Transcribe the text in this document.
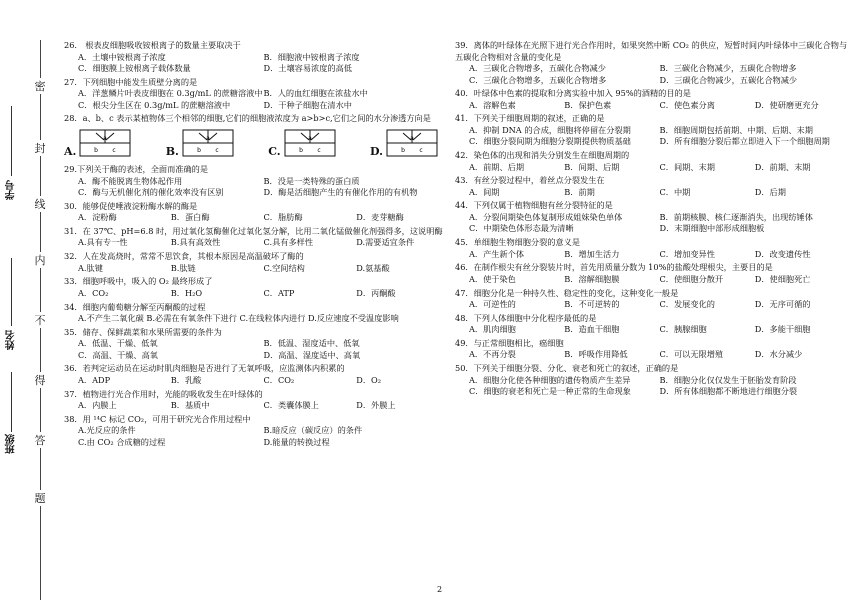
密
封
线
内
不
得
答
题
班级
姓名
学号
26． 根表皮细胞吸收铵根离子的数量主要取决于
A．土壤中铵根离子浓度	B．细胞液中铵根离子浓度
C．细胞膜上铵根离子载体数量	D．土壤容易浓度的高低
27．下列细胞中能发生质壁分离的是
A．洋葱鳞片叶表皮细胞在 0.3g/mL 的蔗糖溶液中 B．人的血红细胞在浓盐水中
C．根尖分生区在 0.3g/mL 的蔗糖溶液中	D．干种子细胞在清水中
28．a、b、c 表示某植物体三个相邻的细胞,它们的细胞液浓度为 a>b>c,它们之间的水分渗透方向是
A.
a
b c	B.
a
b c	C.
a
b c	D.
a
b c
29.下列关于酶的表述，全面而准确的是
A．酶不能脱离生物体起作用	B．没是一类特殊的蛋白质
C．酶与无机催化剂的催化效率没有区别	D．酶是活细胞产生的有催化作用的有机物
30．能够促使唾液淀粉酶水解的酶是
A．淀粉酶	B．蛋白酶	C．脂肪酶	D．麦芽糖酶
31．在 37℃、pH=6.8 时，用过氧化氢酶催化过氧化氢分解，比用二氧化锰做催化剂强得多，这说明酶
A.具有专一性	B.具有高效性	C.具有多样性	D.需要适宜条件
32．人在发高烧时，常常不思饮食，其根本原因是高温破坏了酶的
A.肽键	B.肽链	C.空间结构	D.氨基酸
33．细胞呼吸中，吸入的 O₂ 最终形成了
A．CO₂	B．H₂O	C．ATP	D．丙酮酸
34．细胞内葡萄糖分解至丙酮酸的过程
A.不产生二氧化碳 B.必需在有氧条件下进行 C.在线粒体内进行 D.反应速度不受温度影响
35．储存、保鲜蔬菜和水果所需要的条件为
A．低温、干燥、低氧	B．低温、湿度适中、低氧
C．高温、干燥、高氧	D．高温、湿度适中、高氧
36．若判定运动员在运动时肌肉细胞是否进行了无氧呼吸，应监测体内积累的
A．ADP	B．乳酸	C．CO₂	D．O₂
37．植物进行光合作用时，光能的吸收发生在叶绿体的
A．内膜上	B．基质中	C．类囊体膜上	D．外膜上
38．用 ¹⁴C 标记 CO₂，可用于研究光合作用过程中
A.光反应的条件	B.暗反应（碳反应）的条件
C.由 CO₂ 合成糖的过程	D.能量的转换过程
39．离体的叶绿体在光照下进行光合作用时，如果突然中断 CO₂ 的供应，短暂时间内叶绿体中三碳化合物与五碳化合物相对含量的变化是
A．三碳化合物增多，五碳化合物减少	B．三碳化合物减少，五碳化合物增多
C．三碳化合物增多，五碳化合物增多	D．三碳化合物减少，五碳化合物减少
40．叶绿体中色素的提取和分离实验中加入 95%的酒精的目的是
A．溶解色素	B．保护色素	C．使色素分离	D．使研磨更充分
41．下列关于细胞周期的叙述，正确的是
A．抑制 DNA 的合成，细胞将停留在分裂期	B．细胞周期包括前期、中期、后期、末期
C．细胞分裂间期为细胞分裂期提供物质基础	D．所有细胞分裂后都立即进入下一个细胞周期
42．染色体的出现和消失分别发生在细胞周期的
A．前期、后期	B．间期、后期	C．间期、末期	D．前期、末期
43．有丝分裂过程中，着丝点分裂发生在
A．间期	B．前期	C．中期	D．后期
44．下列仅属于植物细胞有丝分裂特征的是
A．分裂间期染色体复制形成姐妹染色单体	B．前期核膜、核仁逐渐消失，出现纺锤体
C．中期染色体形态最为清晰	D．末期细胞中部形成细胞板
45．单细胞生物细胞分裂的意义是
A．产生新个体	B．增加生活力	C．增加变异性	D．改变遗传性
46．在制作根尖有丝分裂装片时，首先用质量分数为 10%的盐酸处理根尖，主要目的是
A．使于染色	B．溶解细胞膜	C．使细胞分散开	D．使细胞死亡
47．细胞分化是一种持久性、稳定性的变化，这种变化一般是
A．可逆性的	B．不可逆转的	C．发展变化的	D．无序可循的
48．下列人体细胞中分化程序最低的是
A．肌肉细胞	B．造血干细胞	C．胰腺细胞	D．多能干细胞
49．与正常细胞相比，癌细胞
A．不再分裂	B．呼吸作用降低	C．可以无限增殖	D．水分减少
50．下列关于细胞分裂、分化、衰老和死亡的叙述，正确的是
A．细胞分化使各种细胞的遗传物质产生差异	B．细胞分化仅仅发生于胚胎发育阶段
C．细胞的衰老和死亡是一种正常的生命现象	D．所有体细胞都不断地进行细胞分裂
2
